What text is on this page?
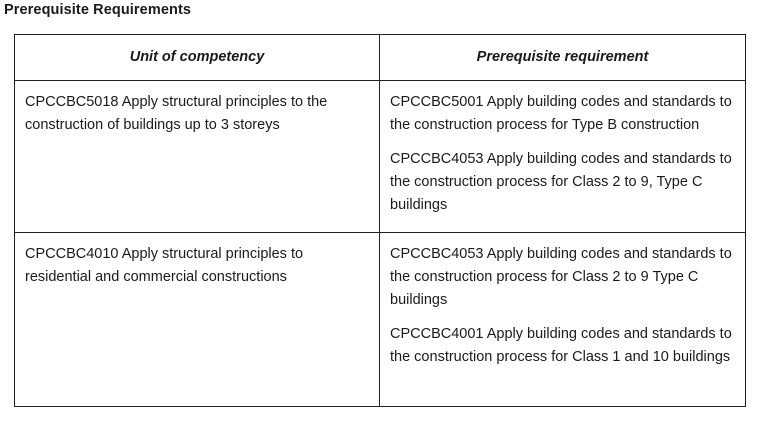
Prerequisite Requirements
Unit of competency	Prerequisite requirement
CPCCBC5018 Apply structural principles to the construction of buildings up to 3 storeys	CPCCBC5001 Apply building codes and standards to the construction process for Type B construction

CPCCBC4053 Apply building codes and standards to the construction process for Class 2 to 9, Type C buildings

CPCCBC4010 Apply structural principles to residential and commercial constructions	CPCCBC4053 Apply building codes and standards to the construction process for Class 2 to 9 Type C buildings

CPCCBC4001 Apply building codes and standards to the construction process for Class 1 and 10 buildings
